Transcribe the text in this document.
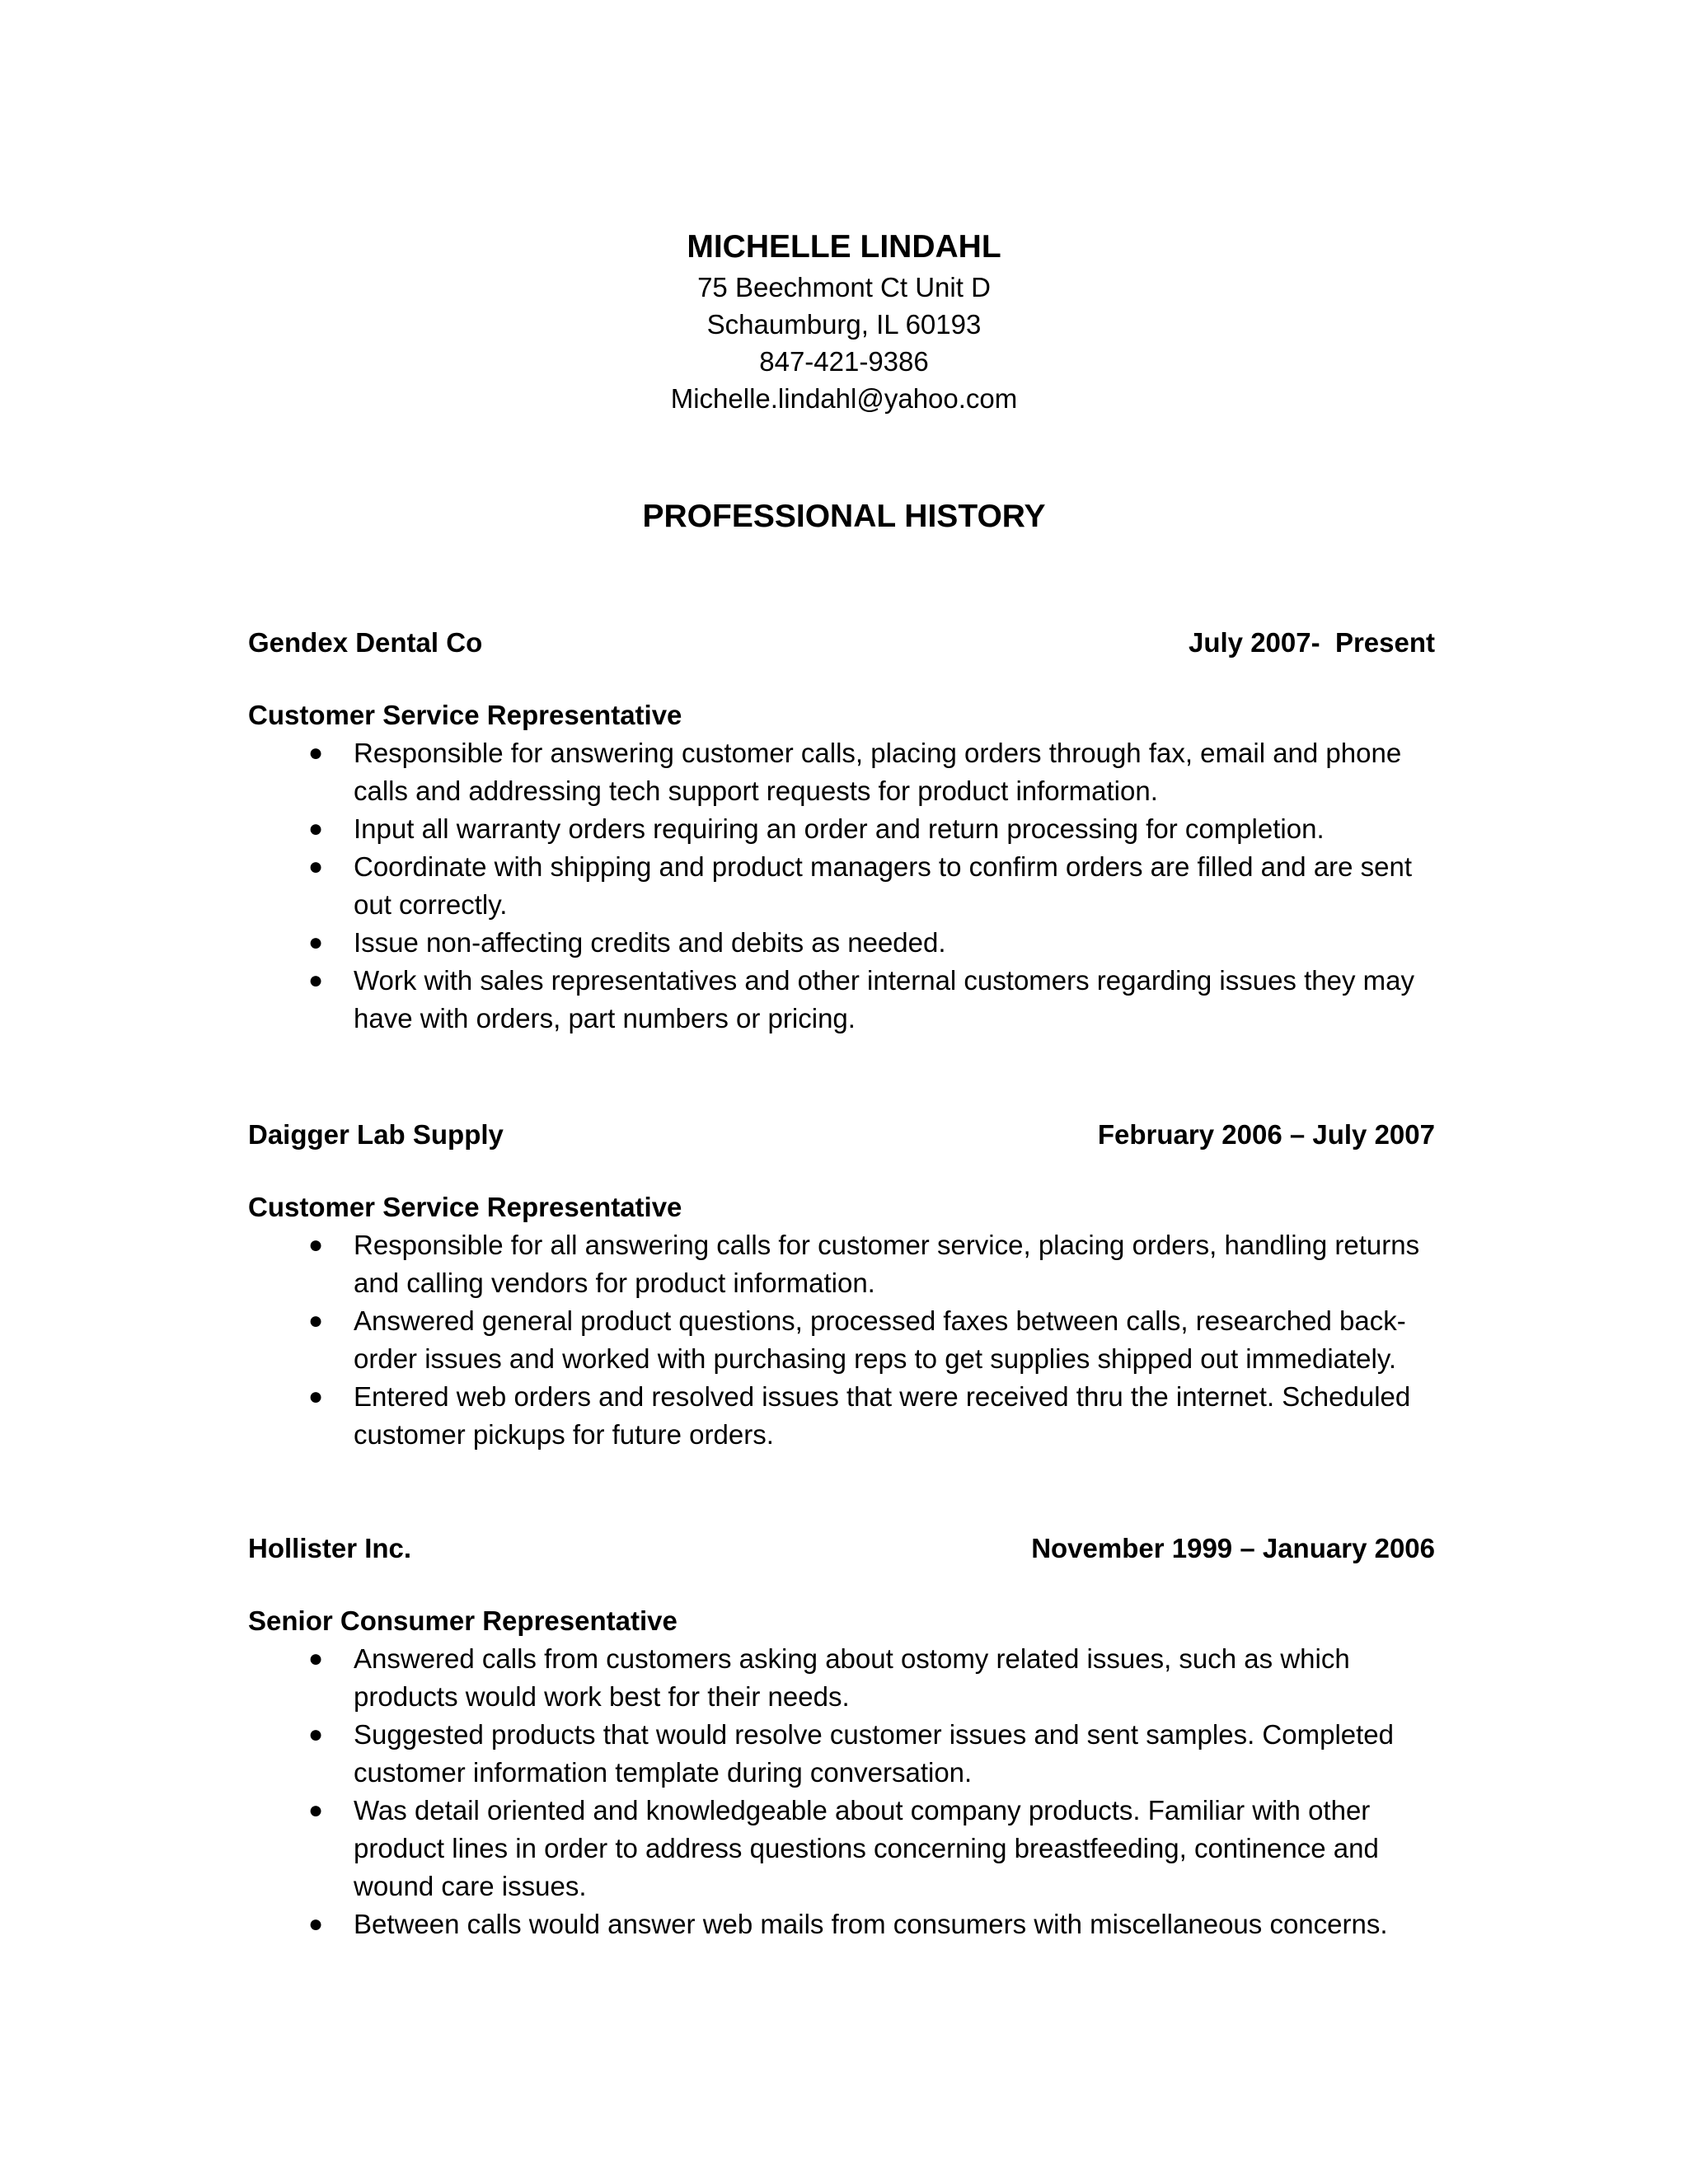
MICHELLE LINDAHL
75 Beechmont Ct Unit D
Schaumburg, IL 60193
847-421-9386
Michelle.lindahl@yahoo.com
PROFESSIONAL HISTORY
Gendex Dental Co	July 2007-  Present
Customer Service Representative
● Responsible for answering customer calls, placing orders through fax, email and phone calls and addressing tech support requests for product information.
● Input all warranty orders requiring an order and return processing for completion.
● Coordinate with shipping and product managers to confirm orders are filled and are sent out correctly.
● Issue non-affecting credits and debits as needed.
● Work with sales representatives and other internal customers regarding issues they may have with orders, part numbers or pricing.
Daigger Lab Supply	February 2006 – July 2007
Customer Service Representative
● Responsible for all answering calls for customer service, placing orders, handling returns and calling vendors for product information.
● Answered general product questions, processed faxes between calls, researched back-order issues and worked with purchasing reps to get supplies shipped out immediately.
● Entered web orders and resolved issues that were received thru the internet. Scheduled customer pickups for future orders.
Hollister Inc.	November 1999 – January 2006
Senior Consumer Representative
● Answered calls from customers asking about ostomy related issues, such as which products would work best for their needs.
● Suggested products that would resolve customer issues and sent samples. Completed customer information template during conversation.
● Was detail oriented and knowledgeable about company products. Familiar with other product lines in order to address questions concerning breastfeeding, continence and wound care issues.
● Between calls would answer web mails from consumers with miscellaneous concerns.
